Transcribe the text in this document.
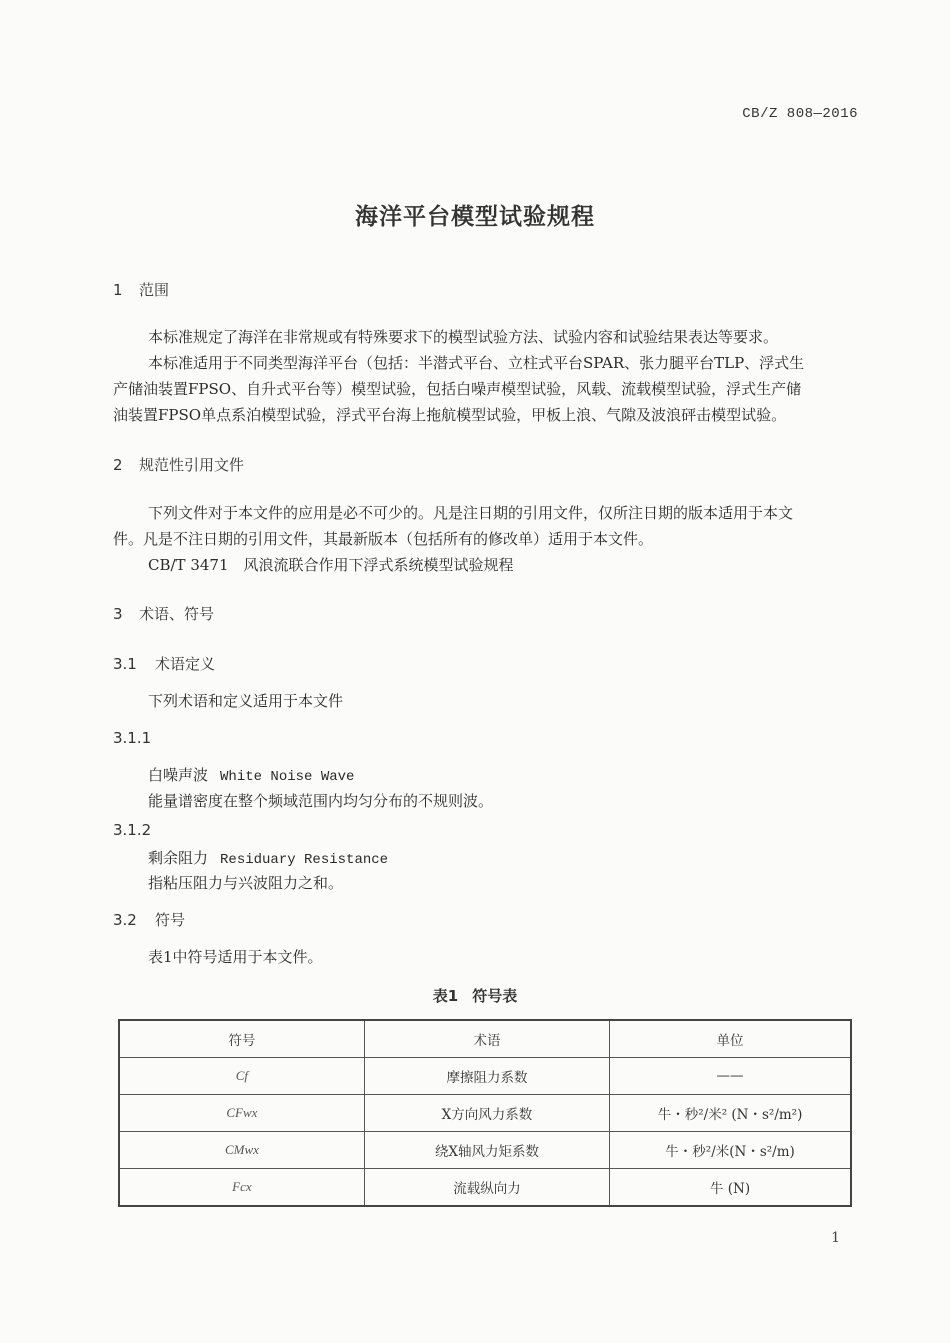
CB/Z 808—2016
海洋平台模型试验规程
1 范围
本标准规定了海洋在非常规或有特殊要求下的模型试验方法、试验内容和试验结果表达等要求。
本标准适用于不同类型海洋平台（包括：半潜式平台、立柱式平台SPAR、张力腿平台TLP、浮式生
产储油装置FPSO、自升式平台等）模型试验，包括白噪声模型试验，风载、流载模型试验，浮式生产储
油装置FPSO单点系泊模型试验，浮式平台海上拖航模型试验，甲板上浪、气隙及波浪砰击模型试验。
2 规范性引用文件
下列文件对于本文件的应用是必不可少的。凡是注日期的引用文件，仅所注日期的版本适用于本文
件。凡是不注日期的引用文件，其最新版本（包括所有的修改单）适用于本文件。
CB/T 3471　风浪流联合作用下浮式系统模型试验规程
3 术语、符号
3.1 术语定义
下列术语和定义适用于本文件
3.1.1
白噪声波 White Noise Wave
能量谱密度在整个频域范围内均匀分布的不规则波。
3.1.2
剩余阻力 Residuary Resistance
指粘压阻力与兴波阻力之和。
3.2 符号
表1中符号适用于本文件。
表1 符号表
符号	术语	单位
Cf	摩擦阻力系数	——
CFwx	X方向风力系数	牛・秒²/米² (N・s²/m²)
CMwx	绕X轴风力矩系数	牛・秒²/米(N・s²/m)
Fcx	流载纵向力	牛 (N)
1
